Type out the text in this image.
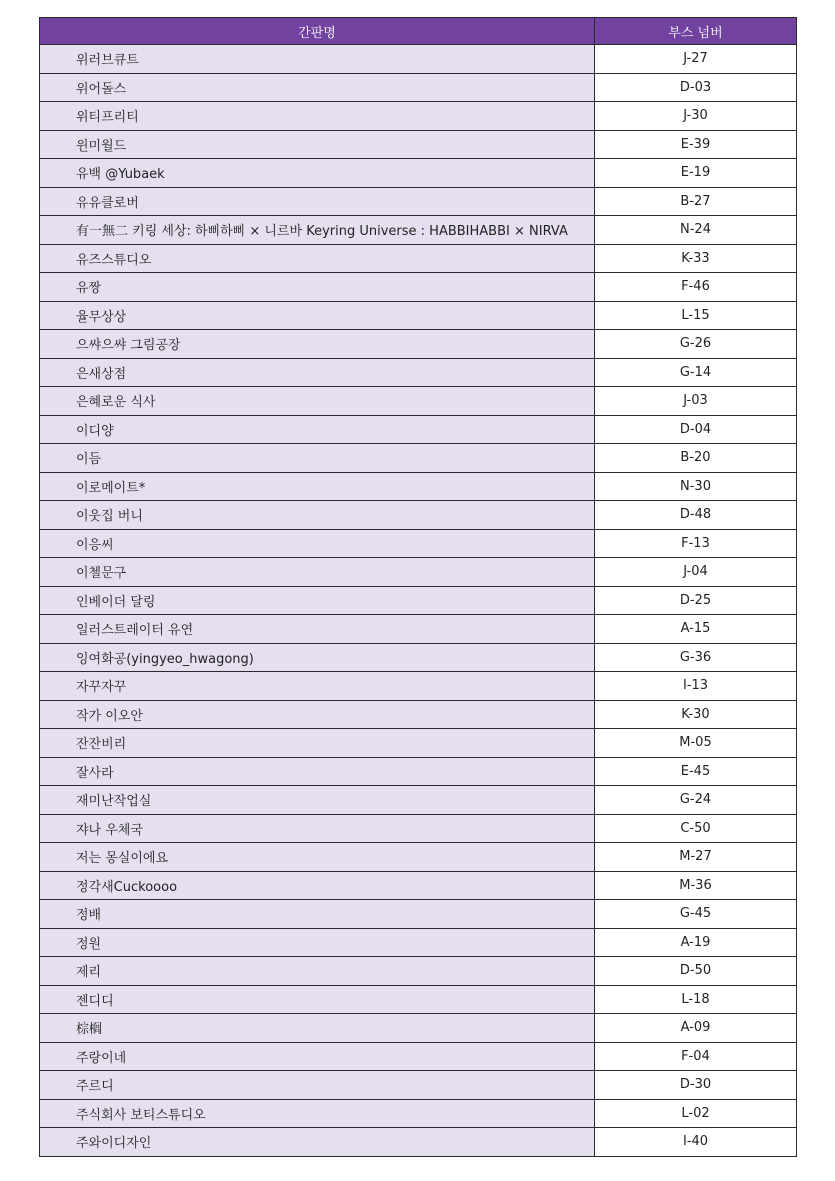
간판명	부스 넘버
위러브큐트	J-27
위어돌스	D-03
위티프리티	J-30
윈미월드	E-39
유백 @Yubaek	E-19
유유클로버	B-27
有一無二 키링 세상: 하삐하삐 × 니르바 Keyring Universe : HABBIHABBI × NIRVA	N-24
유즈스튜디오	K-33
유짱	F-46
율무상상	L-15
으쌰으쌰 그림공장	G-26
은새상점	G-14
은혜로운 식사	J-03
이디양	D-04
이듬	B-20
이로메이트*	N-30
이웃집 버니	D-48
이응씨	F-13
이첼문구	J-04
인베이더 달링	D-25
일러스트레이터 유연	A-15
잉여화공(yingyeo_hwagong)	G-36
자꾸자꾸	I-13
작가 이오안	K-30
잔잔비리	M-05
잘사라	E-45
재미난작업실	G-24
쟈나 우체국	C-50
저는 몽실이에요	M-27
정각새Cuckoooo	M-36
정배	G-45
정원	A-19
제리	D-50
젠디디	L-18
棕榈	A-09
주랑이네	F-04
주르디	D-30
주식회사 보티스튜디오	L-02
주와이디자인	I-40
